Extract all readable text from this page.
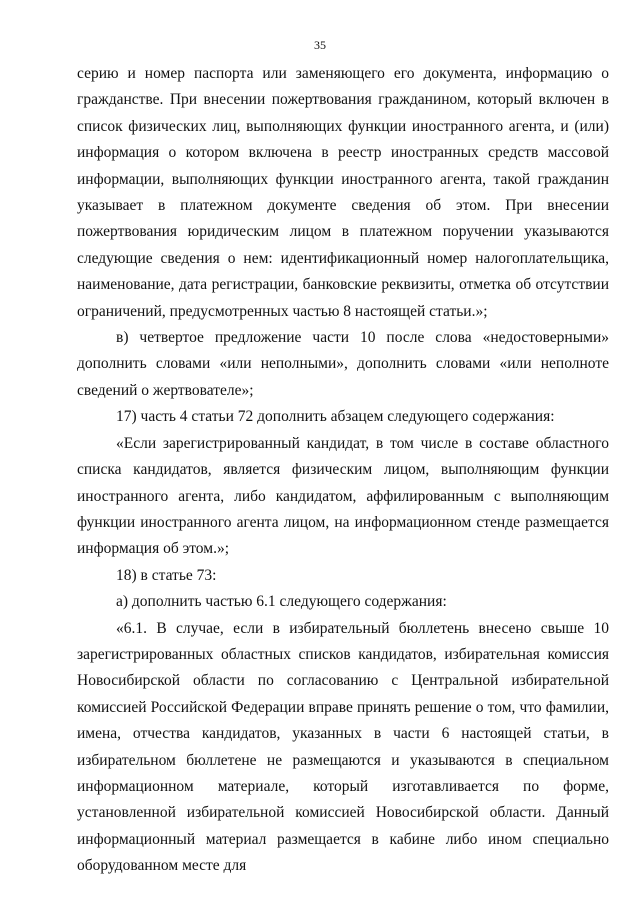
35

серию и номер паспорта или заменяющего его документа, информацию о гражданстве. При внесении пожертвования гражданином, который включен в список физических лиц, выполняющих функции иностранного агента, и (или) информация о котором включена в реестр иностранных средств массовой информации, выполняющих функции иностранного агента, такой гражданин указывает в платежном документе сведения об этом. При внесении пожертвования юридическим лицом в платежном поручении указываются следующие сведения о нем: идентификационный номер налогоплательщика, наименование, дата регистрации, банковские реквизиты, отметка об отсутствии ограничений, предусмотренных частью 8 настоящей статьи.»;

в) четвертое предложение части 10 после слова «недостоверными» дополнить словами «или неполными», дополнить словами «или неполноте сведений о жертвователе»;

17) часть 4 статьи 72 дополнить абзацем следующего содержания:

«Если зарегистрированный кандидат, в том числе в составе областного списка кандидатов, является физическим лицом, выполняющим функции иностранного агента, либо кандидатом, аффилированным с выполняющим функции иностранного агента лицом, на информационном стенде размещается информация об этом.»;

18) в статье 73:

а) дополнить частью 6.1 следующего содержания:

«6.1. В случае, если в избирательный бюллетень внесено свыше 10 зарегистрированных областных списков кандидатов, избирательная комиссия Новосибирской области по согласованию с Центральной избирательной комиссией Российской Федерации вправе принять решение о том, что фамилии, имена, отчества кандидатов, указанных в части 6 настоящей статьи, в избирательном бюллетене не размещаются и указываются в специальном информационном материале, который изготавливается по форме, установленной избирательной комиссией Новосибирской области. Данный информационный материал размещается в кабине либо ином специально оборудованном месте для
